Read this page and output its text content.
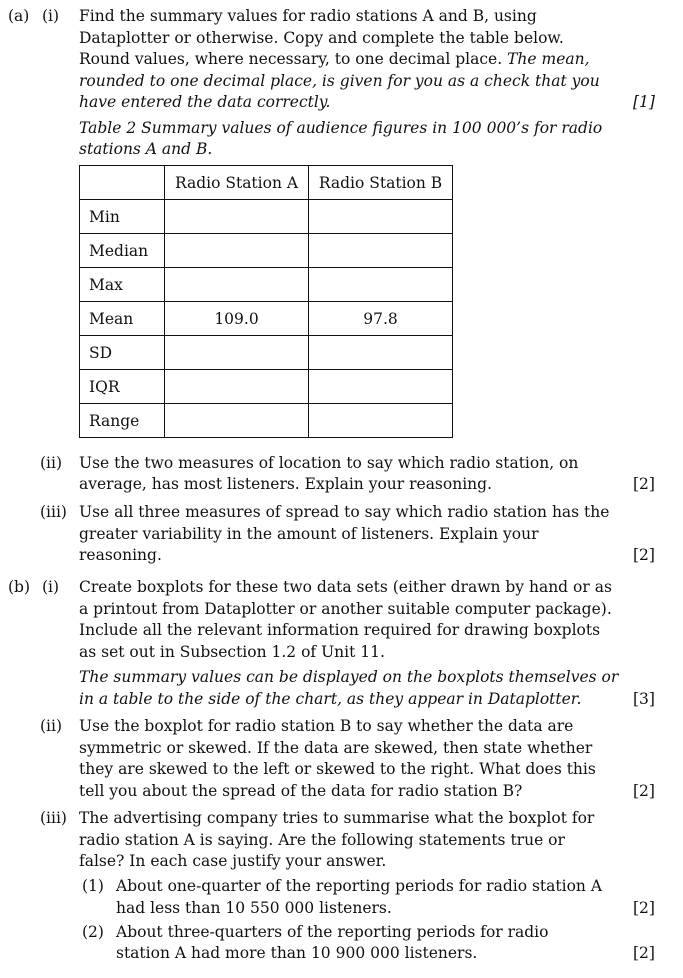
(a) (i) Find the summary values for radio stations A and B, using
Dataplotter or otherwise. Copy and complete the table below.
Round values, where necessary, to one decimal place. The mean,
rounded to one decimal place, is given for you as a check that you
have entered the data correctly.	[1]
Table 2 Summary values of audience figures in 100 000’s for radio
stations A and B.
	Radio Station A	Radio Station B
Min		
Median		
Max		
Mean	109.0	97.8
SD		
IQR		
Range		
(ii) Use the two measures of location to say which radio station, on
average, has most listeners. Explain your reasoning.	[2]
(iii) Use all three measures of spread to say which radio station has the
greater variability in the amount of listeners. Explain your
reasoning.	[2]
(b) (i) Create boxplots for these two data sets (either drawn by hand or as
a printout from Dataplotter or another suitable computer package).
Include all the relevant information required for drawing boxplots
as set out in Subsection 1.2 of Unit 11.
The summary values can be displayed on the boxplots themselves or
in a table to the side of the chart, as they appear in Dataplotter.	[3]
(ii) Use the boxplot for radio station B to say whether the data are
symmetric or skewed. If the data are skewed, then state whether
they are skewed to the left or skewed to the right. What does this
tell you about the spread of the data for radio station B?	[2]
(iii) The advertising company tries to summarise what the boxplot for
radio station A is saying. Are the following statements true or
false? In each case justify your answer.
(1) About one-quarter of the reporting periods for radio station A
had less than 10 550 000 listeners.	[2]
(2) About three-quarters of the reporting periods for radio
station A had more than 10 900 000 listeners.	[2]
